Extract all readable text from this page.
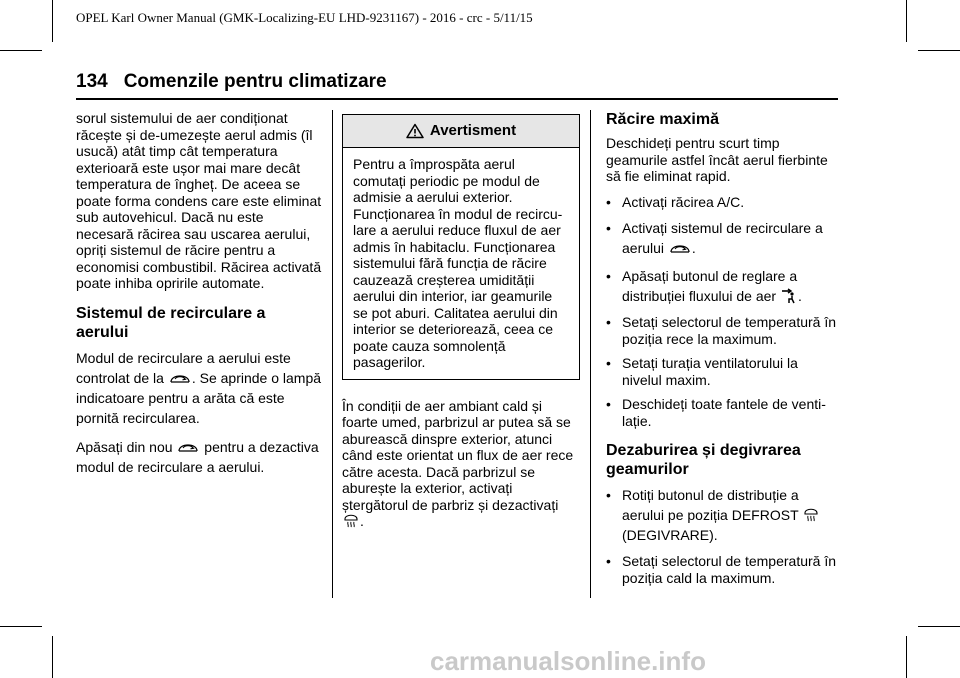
OPEL Karl Owner Manual (GMK-Localizing-EU LHD-9231167) - 2016 - crc - 5/11/15
134 Comenzile pentru climatizare

sorul sistemului de aer condiționat răcește și de-umezește aerul admis (îl usucă) atât timp cât temperatura exterioară este ușor mai mare decât temperatura de îngheț. De aceea se poate forma condens care este eliminat sub autovehicul. Dacă nu este necesară răcirea sau uscarea aerului, opriți sistemul de răcire pentru a economisi combustibil. Răcirea activată poate inhiba opririle automate.

Sistemul de recirculare a aerului

Modul de recirculare a aerului este controlat de la
. Se aprinde o lampă indicatoare pentru a arăta că este pornită recircularea.

Apăsați din nou
pentru a dezactiva modul de recirculare a aerului.

Avertisment
Pentru a împrospăta aerul comutați periodic pe modul de admisie a aerului exterior. Funcționarea în modul de recircu-lare a aerului reduce fluxul de aer admis în habitaclu. Funcționarea sistemului fără funcția de răcire cauzează creșterea umidității aerului din interior, iar geamurile se pot aburi. Calitatea aerului din interior se deteriorează, ceea ce poate cauza somnolență pasagerilor.

În condiții de aer ambiant cald și foarte umed, parbrizul ar putea să se aburească dinspre exterior, atunci când este orientat un flux de aer rece către acesta. Dacă parbrizul se aburește la exterior, activați ștergătorul de parbriz și dezactivați
.

Răcire maximă

Deschideți pentru scurt timp geamurile astfel încât aerul fierbinte să fie eliminat rapid.

• Activați răcirea A/C.
• Activați sistemul de recirculare a aerului
.
• Apăsați butonul de reglare a distribuției fluxului de aer
.
• Setați selectorul de temperatură în poziția rece la maximum.
• Setați turația ventilatorului la nivelul maxim.
• Deschideți toate fantele de venti-lație.
Dezaburirea și degivrarea geamurilor
• Rotiți butonul de distribuție a aerului pe poziția DEFROST

(DEGIVRARE).
• Setați selectorul de temperatură în poziția cald la maximum.
carmanualsonline.info
